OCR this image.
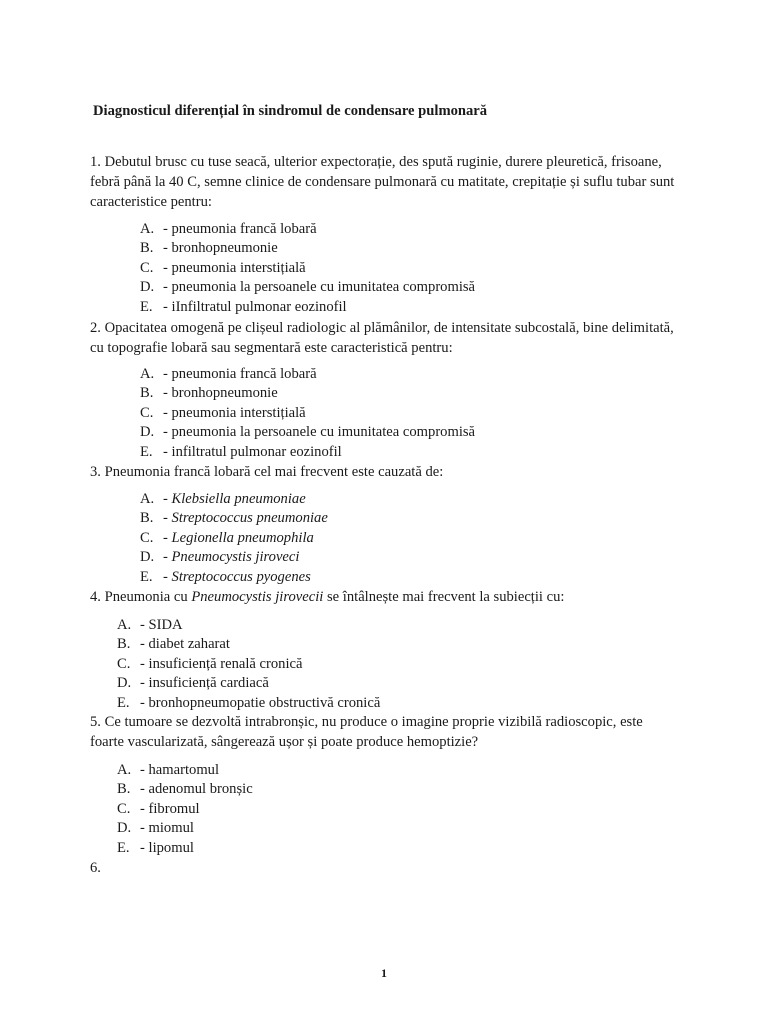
Diagnosticul diferențial în sindromul de condensare pulmonară

1. Debutul brusc cu tuse seacă, ulterior expectorație, des spută ruginie, durere pleuretică, frisoane, febră până la 40 C, semne clinice de condensare pulmonară cu matitate, crepitație și suflu tubar sunt caracteristice pentru:

A. - pneumonia francă lobară
B. - bronhopneumonie
C. - pneumonia interstițială
D. - pneumonia la persoanele cu imunitatea compromisă
E. - iInfiltratul pulmonar eozinofil

2. Opacitatea omogenă pe clișeul radiologic al plămânilor, de intensitate subcostală, bine delimitată, cu topografie lobară sau segmentară este caracteristică pentru:

A. - pneumonia francă lobară
B. - bronhopneumonie
C. - pneumonia interstițială
D. - pneumonia la persoanele cu imunitatea compromisă
E. - infiltratul pulmonar eozinofil

3. Pneumonia francă lobară cel mai frecvent este cauzată de:

A. - Klebsiella pneumoniae
B. - Streptococcus pneumoniae
C. - Legionella pneumophila
D. - Pneumocystis jiroveci
E. - Streptococcus pyogenes

4. Pneumonia cu Pneumocystis jirovecii se întâlnește mai frecvent la subiecții cu:

A. - SIDA
B. - diabet zaharat
C. - insuficiență renală cronică
D. - insuficiență cardiacă
E. - bronhopneumopatie obstructivă cronică

5. Ce tumoare se dezvoltă intrabronșic, nu produce o imagine proprie vizibilă radioscopic, este foarte vascularizată, sângerează ușor și poate produce hemoptizie?

A. - hamartomul
B. - adenomul bronșic
C. - fibromul
D. - miomul
E. - lipomul
6.
1
